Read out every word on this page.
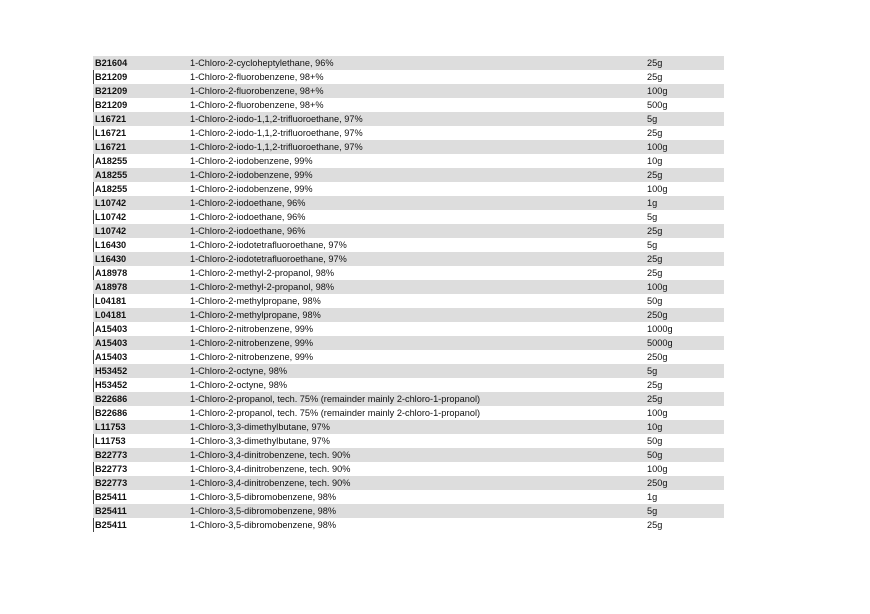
B21604	1-Chloro-2-cycloheptylethane, 96%	25g
B21209	1-Chloro-2-fluorobenzene, 98+%	25g
B21209	1-Chloro-2-fluorobenzene, 98+%	100g
B21209	1-Chloro-2-fluorobenzene, 98+%	500g
L16721	1-Chloro-2-iodo-1,1,2-trifluoroethane, 97%	5g
L16721	1-Chloro-2-iodo-1,1,2-trifluoroethane, 97%	25g
L16721	1-Chloro-2-iodo-1,1,2-trifluoroethane, 97%	100g
A18255	1-Chloro-2-iodobenzene, 99%	10g
A18255	1-Chloro-2-iodobenzene, 99%	25g
A18255	1-Chloro-2-iodobenzene, 99%	100g
L10742	1-Chloro-2-iodoethane, 96%	1g
L10742	1-Chloro-2-iodoethane, 96%	5g
L10742	1-Chloro-2-iodoethane, 96%	25g
L16430	1-Chloro-2-iodotetrafluoroethane, 97%	5g
L16430	1-Chloro-2-iodotetrafluoroethane, 97%	25g
A18978	1-Chloro-2-methyl-2-propanol, 98%	25g
A18978	1-Chloro-2-methyl-2-propanol, 98%	100g
L04181	1-Chloro-2-methylpropane, 98%	50g
L04181	1-Chloro-2-methylpropane, 98%	250g
A15403	1-Chloro-2-nitrobenzene, 99%	1000g
A15403	1-Chloro-2-nitrobenzene, 99%	5000g
A15403	1-Chloro-2-nitrobenzene, 99%	250g
H53452	1-Chloro-2-octyne, 98%	5g
H53452	1-Chloro-2-octyne, 98%	25g
B22686	1-Chloro-2-propanol, tech. 75% (remainder mainly 2-chloro-1-propanol)	25g
B22686	1-Chloro-2-propanol, tech. 75% (remainder mainly 2-chloro-1-propanol)	100g
L11753	1-Chloro-3,3-dimethylbutane, 97%	10g
L11753	1-Chloro-3,3-dimethylbutane, 97%	50g
B22773	1-Chloro-3,4-dinitrobenzene, tech. 90%	50g
B22773	1-Chloro-3,4-dinitrobenzene, tech. 90%	100g
B22773	1-Chloro-3,4-dinitrobenzene, tech. 90%	250g
B25411	1-Chloro-3,5-dibromobenzene, 98%	1g
B25411	1-Chloro-3,5-dibromobenzene, 98%	5g
B25411	1-Chloro-3,5-dibromobenzene, 98%	25g
